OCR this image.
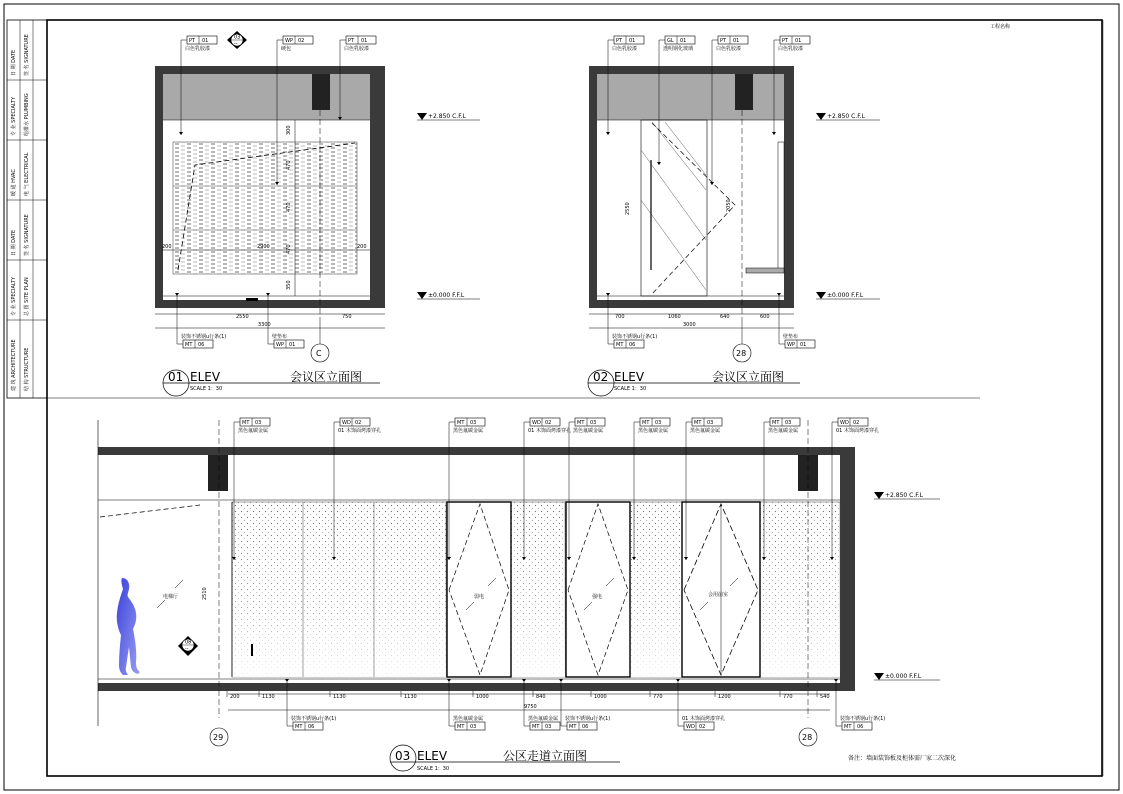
日 期 DATE 签 名 SIGNATURE
专 业 SPECIALTY 给排水 PLUMBING
暖 通 HVAC 电 气 ELECTRICAL
日 期 DATE 签 名 SIGNATURE
专 业 SPECIALTY 总 图 SITE PLAN
建 筑 ARCHITECTURE 结 构 STRUCTURE
工程名称
+2.850 C.F.L
±0.000 F.F.L
2550	750
3300
200	2900	200
300
470
470
470
350
03
--
C
PT 01
白色乳胶漆
WP 02
硬包
PT 01
白色乳胶漆
MT 06
装饰不锈钢u行条(1)
WP 01
壁垫布
01 ELEV
SCALE 1：30
会议区立面图
+2.850 C.F.L
±0.000 F.F.L
700	1060	640	600
3000
2550	2050
28
PT 01
白色乳胶漆
GL 01
透明钢化玻璃
PT 01
白色乳胶漆
PT 01
白色乳胶漆
MT 06
装饰不锈钢u行条(1)
WP 01
壁垫布
02 ELEV
SCALE 1：30
会议区立面图
+2.850 C.F.L
±0.000 F.F.L
08
--
2510
9750
200	1130	1130	1130	1000	840	1000	770	1200	770	540
电梯厅	弱电	强电	会用前室
29	28
MT 03
黑色氟碳金属
WD 02
01 木饰面烤漆穿孔
MT 03
黑色氟碳金属
WD 02
01 木饰面烤漆穿孔
MT 03
黑色氟碳金属
MT 03
黑色氟碳金属
MT 03
黑色氟碳金属
MT 03
黑色氟碳金属
WD 02
01 木饰面烤漆穿孔
MT 06
装饰不锈钢u行条(1)
MT 03
黑色氟碳金属
MT 03
黑色氟碳金属
MT 06
装饰不锈钢u行条(1)
WD 02
01 木饰面烤漆穿孔
MT 06
装饰不锈钢u行条(1)
03 ELEV
SCALE 1：30
公区走道立面图	备注：墙面装饰板及柜体需厂家二次深化
